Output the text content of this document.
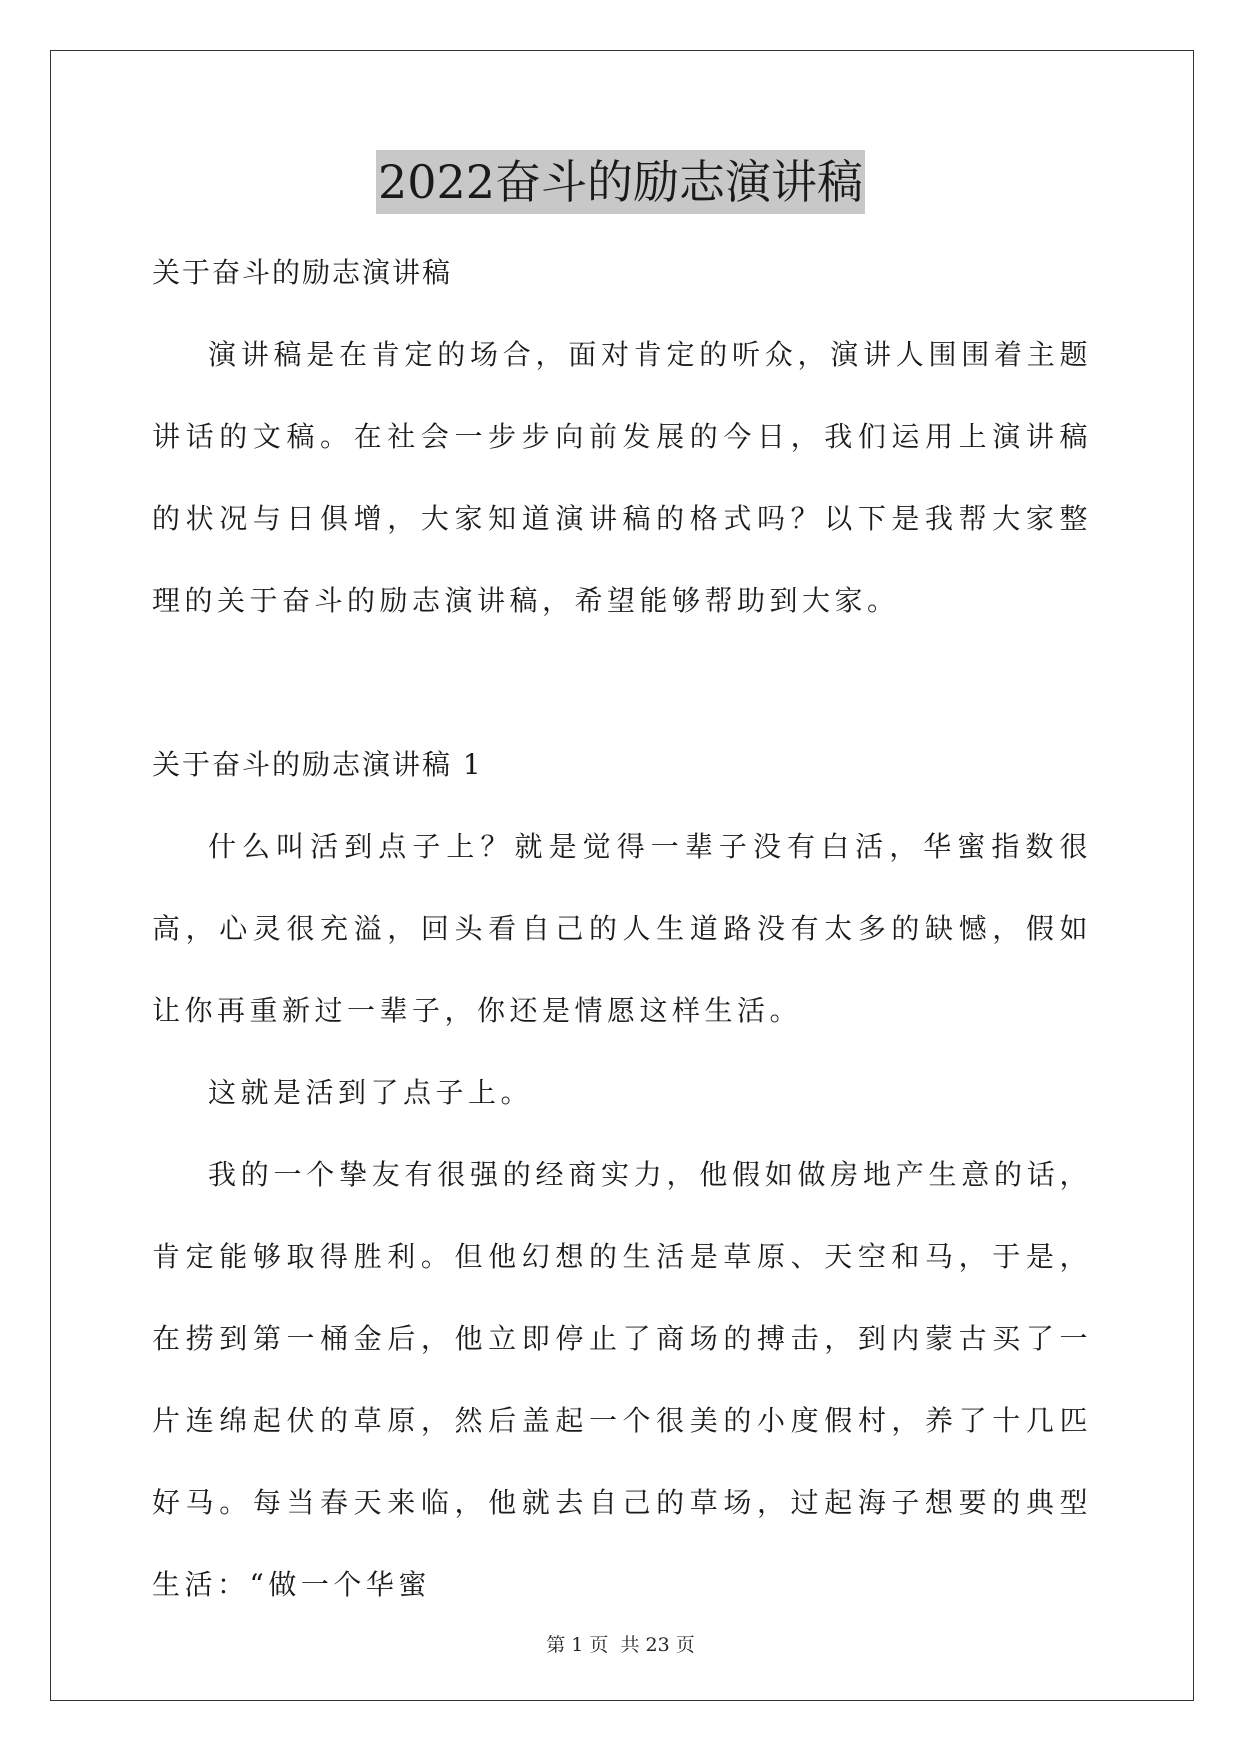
2022奋斗的励志演讲稿

关于奋斗的励志演讲稿

演讲稿是在肯定的场合，面对肯定的听众，演讲人围围着主题讲话的文稿。在社会一步步向前发展的今日，我们运用上演讲稿的状况与日俱增，大家知道演讲稿的格式吗？以下是我帮大家整理的关于奋斗的励志演讲稿，希望能够帮助到大家。

关于奋斗的励志演讲稿 1

什么叫活到点子上？就是觉得一辈子没有白活，华蜜指数很高，心灵很充溢，回头看自己的人生道路没有太多的缺憾，假如让你再重新过一辈子，你还是情愿这样生活。

这就是活到了点子上。

我的一个挚友有很强的经商实力，他假如做房地产生意的话，肯定能够取得胜利。但他幻想的生活是草原、天空和马，于是，在捞到第一桶金后，他立即停止了商场的搏击，到内蒙古买了一片连绵起伏的草原，然后盖起一个很美的小度假村，养了十几匹好马。每当春天来临，他就去自己的草场，过起海子想要的典型生活：“做一个华蜜

第 1 页 共 23 页
